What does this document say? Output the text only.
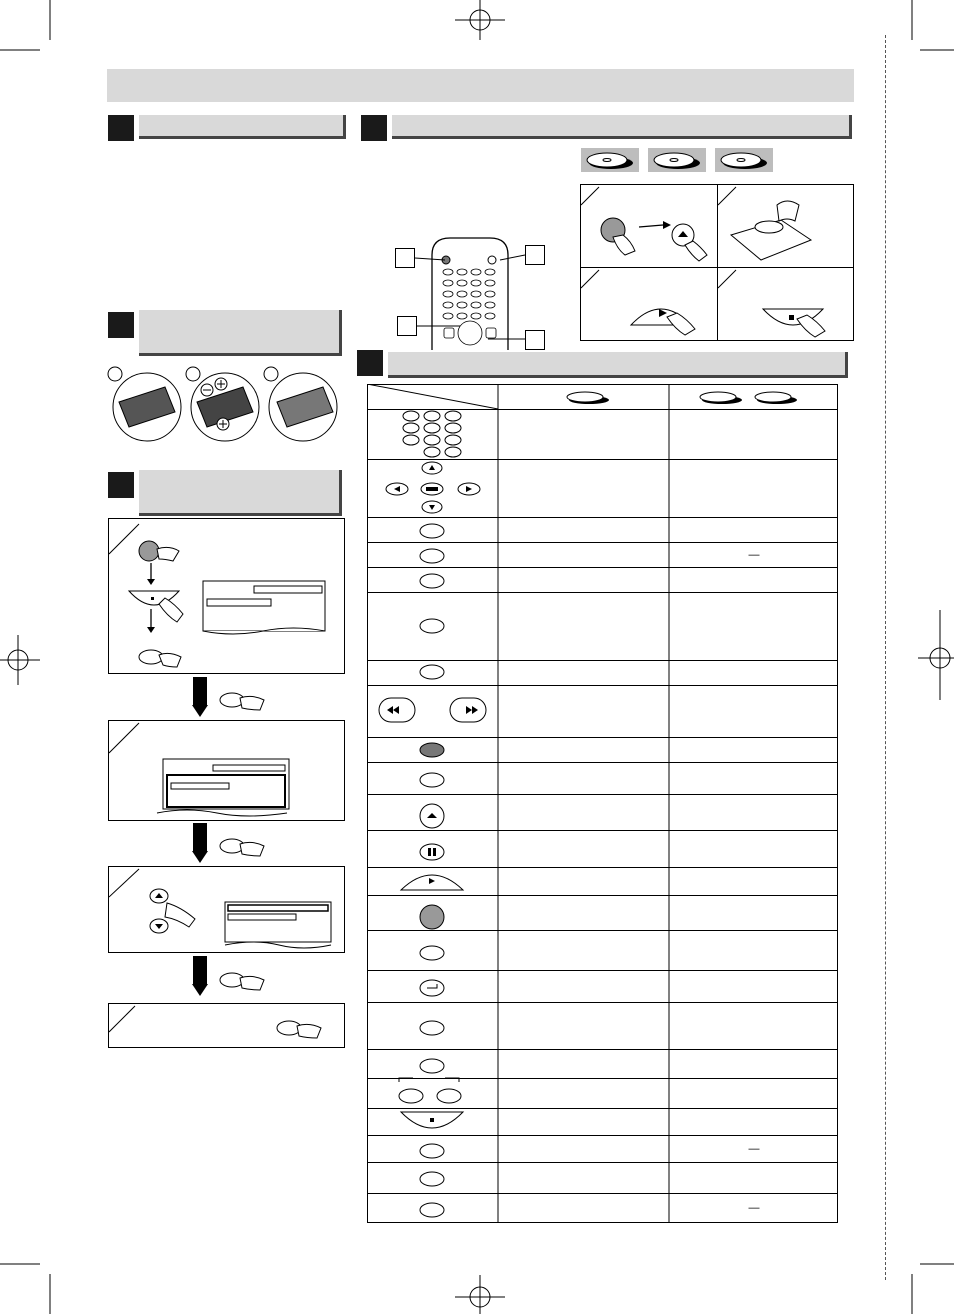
—
—
—
